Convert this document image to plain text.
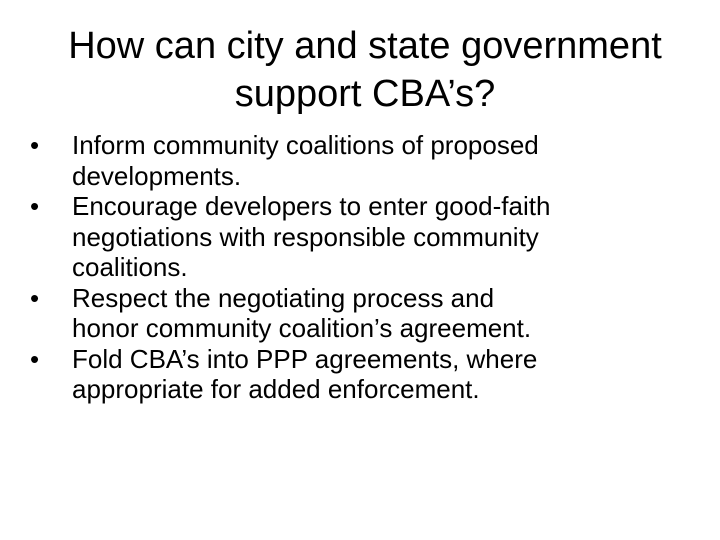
How can city and state government
support CBA’s?
•	Inform community coalitions of proposed
developments.
•	Encourage developers to enter good-faith
negotiations with responsible community
coalitions.
•	Respect the negotiating process and
honor community coalition’s agreement.
•	Fold CBA’s into PPP agreements, where
appropriate for added enforcement.
